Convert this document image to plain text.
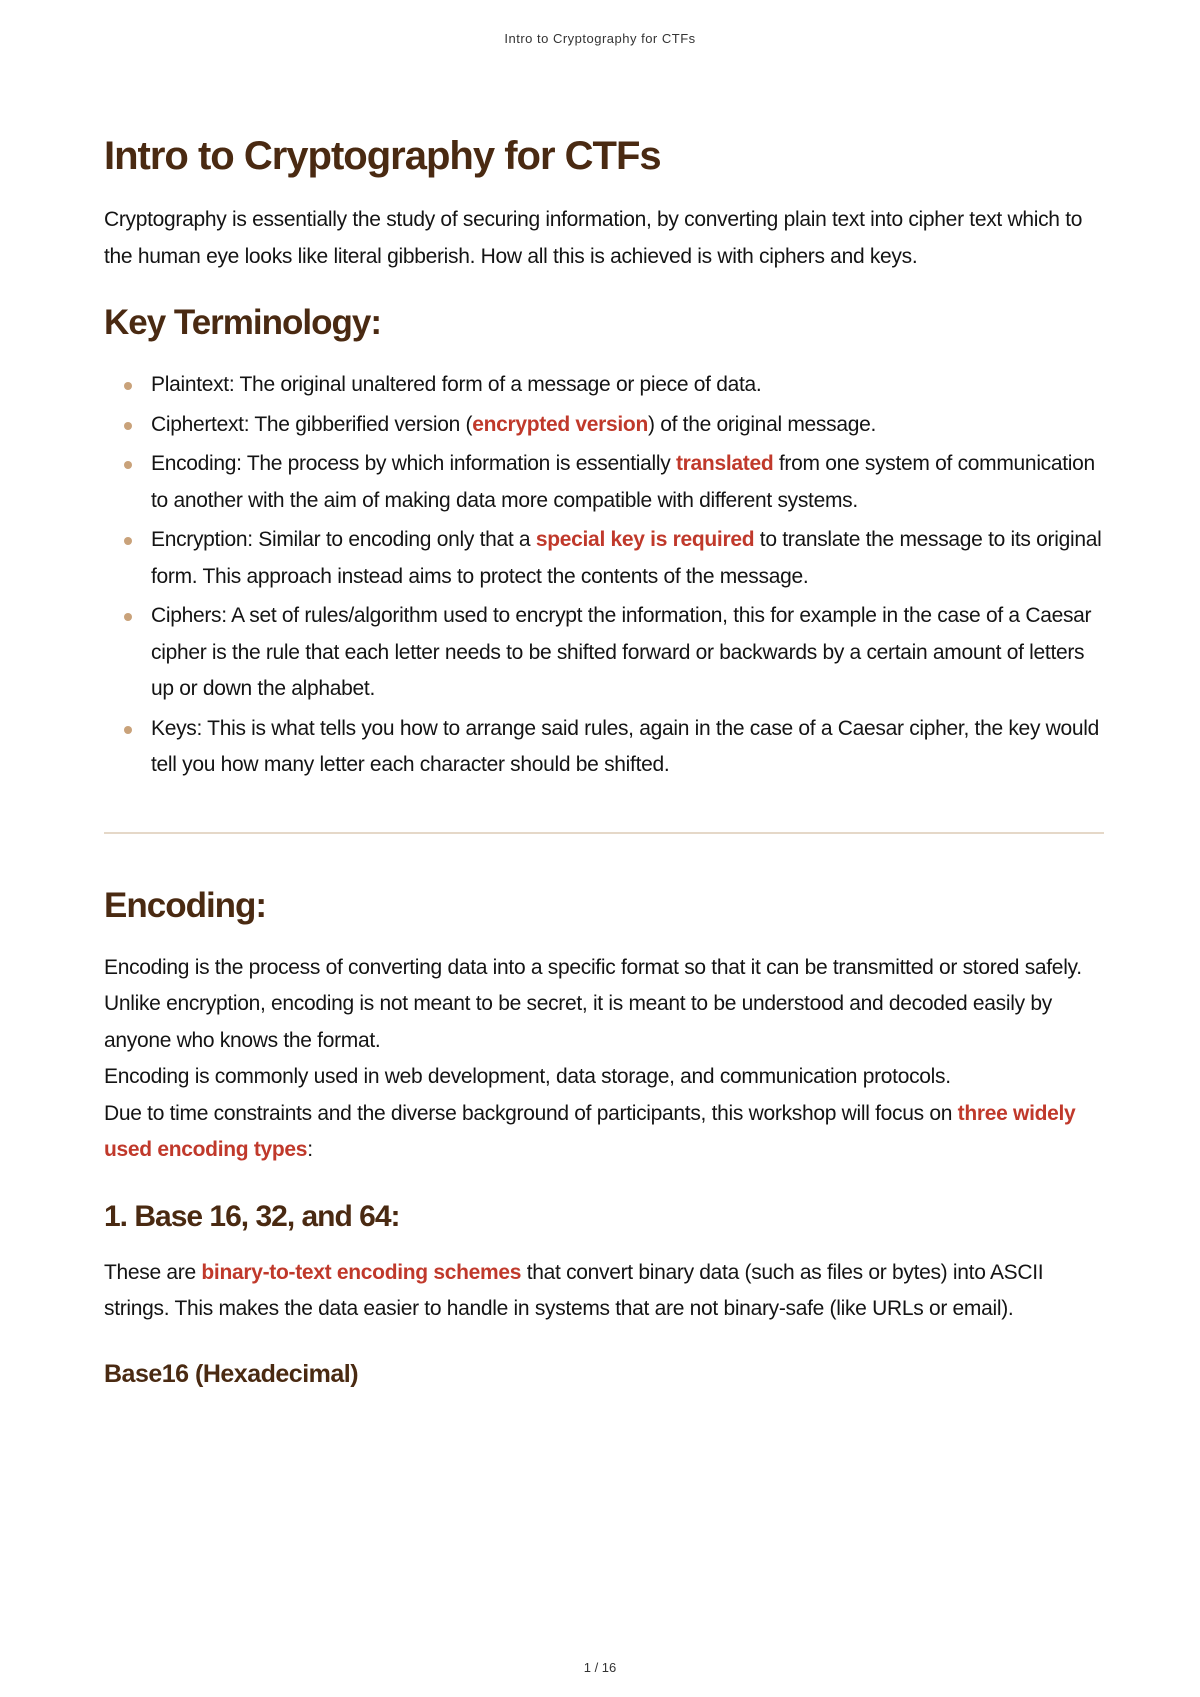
Intro to Cryptography for CTFs
Intro to Cryptography for CTFs

Cryptography is essentially the study of securing information, by converting plain text into cipher text which to the human eye looks like literal gibberish. How all this is achieved is with ciphers and keys.

Key Terminology:
Plaintext: The original unaltered form of a message or piece of data.
Ciphertext: The gibberified version (encrypted version) of the original message.
Encoding: The process by which information is essentially translated from one system of communication to another with the aim of making data more compatible with different systems.
Encryption: Similar to encoding only that a special key is required to translate the message to its original form. This approach instead aims to protect the contents of the message.
Ciphers: A set of rules/algorithm used to encrypt the information, this for example in the case of a Caesar cipher is the rule that each letter needs to be shifted forward or backwards by a certain amount of letters up or down the alphabet.
Keys: This is what tells you how to arrange said rules, again in the case of a Caesar cipher, the key would tell you how many letter each character should be shifted.
Encoding:

Encoding is the process of converting data into a specific format so that it can be transmitted or stored safely. Unlike encryption, encoding is not meant to be secret, it is meant to be understood and decoded easily by anyone who knows the format.

Encoding is commonly used in web development, data storage, and communication protocols.

Due to time constraints and the diverse background of participants, this workshop will focus on three widely used encoding types:

1. Base 16, 32, and 64:

These are binary-to-text encoding schemes that convert binary data (such as files or bytes) into ASCII strings. This makes the data easier to handle in systems that are not binary-safe (like URLs or email).

Base16 (Hexadecimal)
1 / 16
